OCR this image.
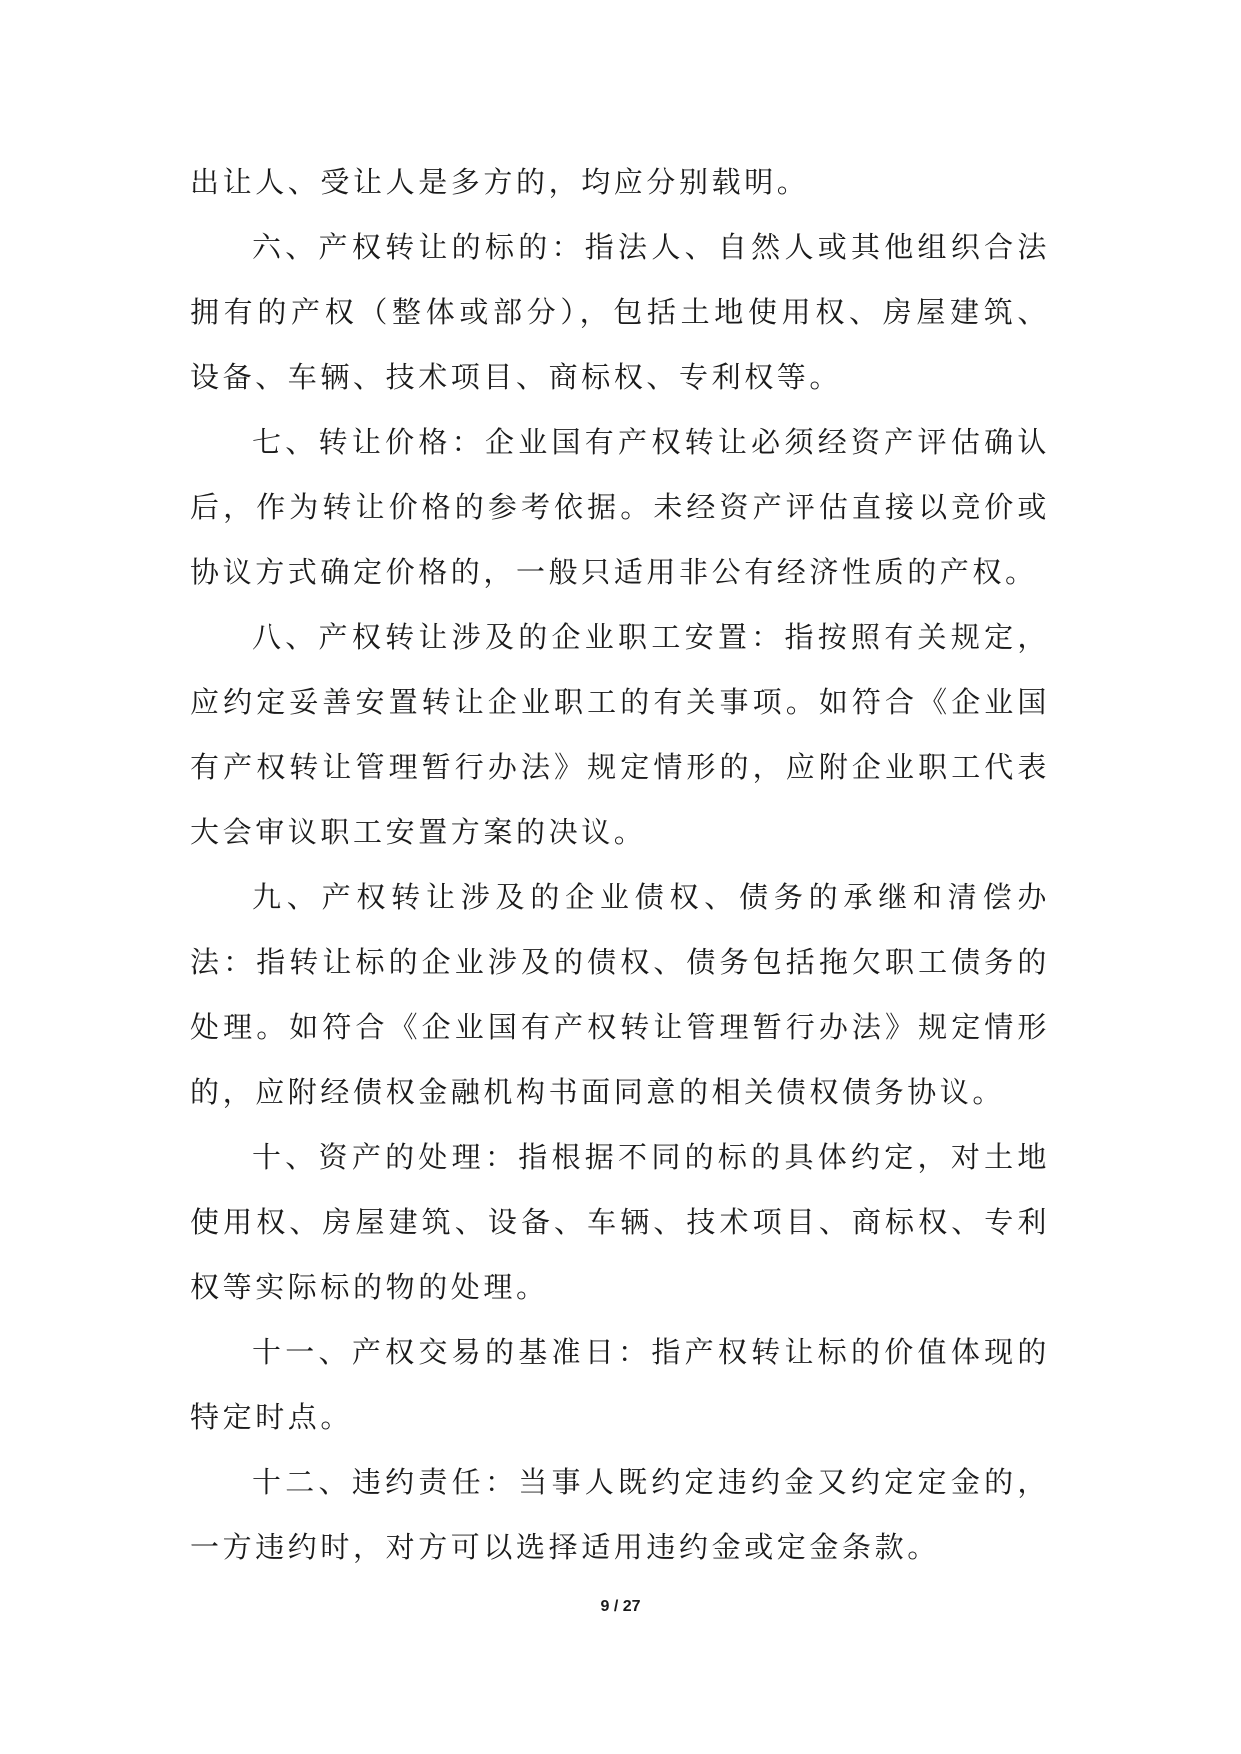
出让人、受让人是多方的，均应分别载明。

六、产权转让的标的：指法人、自然人或其他组织合法拥有的产权（整体或部分），包括土地使用权、房屋建筑、设备、车辆、技术项目、商标权、专利权等。

七、转让价格：企业国有产权转让必须经资产评估确认后，作为转让价格的参考依据。未经资产评估直接以竞价或协议方式确定价格的，一般只适用非公有经济性质的产权。

八、产权转让涉及的企业职工安置：指按照有关规定，应约定妥善安置转让企业职工的有关事项。如符合《企业国有产权转让管理暂行办法》规定情形的，应附企业职工代表大会审议职工安置方案的决议。

九、产权转让涉及的企业债权、债务的承继和清偿办法：指转让标的企业涉及的债权、债务包括拖欠职工债务的处理。如符合《企业国有产权转让管理暂行办法》规定情形的，应附经债权金融机构书面同意的相关债权债务协议。

十、资产的处理：指根据不同的标的具体约定，对土地使用权、房屋建筑、设备、车辆、技术项目、商标权、专利权等实际标的物的处理。

十一、产权交易的基准日：指产权转让标的价值体现的特定时点。

十二、违约责任：当事人既约定违约金又约定定金的，一方违约时，对方可以选择适用违约金或定金条款。

9 / 27
